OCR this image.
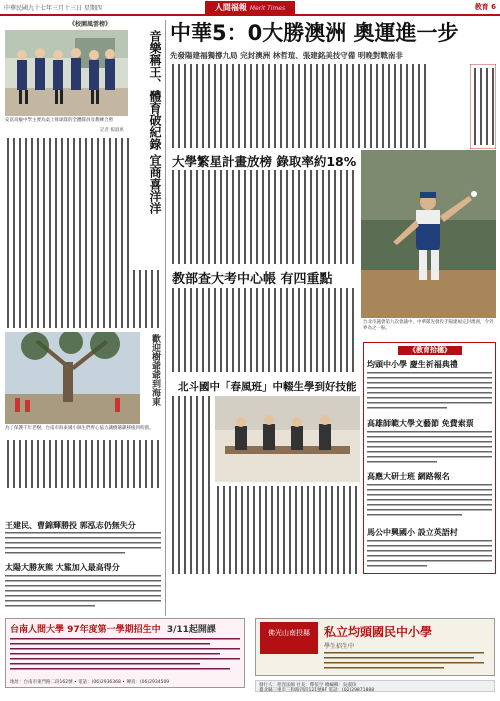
中華民國九十七年三月十三日 星期四	人間福報 Merit Times	教育 6
《校園風雲榜》
安富高級中學主要為桌上排球隊的全體隊員及教練合照	音樂稱王、體育破紀錄 宜商喜洋洋
記者 楊淑惠
歡迎樹爺爺到海東
為了保護千年老樹，台南市海東國小師生們齊心協力讓樹爺爺移植到校園。
王建民、曹錦輝勝投 郭泓志仍無失分
太陽大勝灰熊 大鯊加入最高得分
中華5：0大勝澳洲 奧運進一步
先發陽建福獨撐九局 完封澳洲 林哲瑄、張建銘美技守備 明晚對戰南非
大學繁星計畫放榜 錄取率約18%
教部查大考中心帳 有四重點
台北市議會第九次會議中，中華隊先發投手陽建福完封澳洲，令外界為之一振。
《教育拾穗》
均頭中小學 慶生祈福典禮
高雄師範大學文藝節 免費索票
高應大研士班 網路報名
馬公中興國小 設立英語村
北斗國中「春風班」中輟生學到好技能
台南人間大學 97年度第一學期招生中 3/11起開課
地址：台南市東門路二段162號 • 電話：(06)2936368 • 傳真：(06)2934509
佛光山南投縣	私立均頭國民中小學
學生招生中
發行人：慈容法師 社長：釋依空 總編輯：吳淑珍
臺北縣三重市三和路四段121號8F 電話：(02)29871888
